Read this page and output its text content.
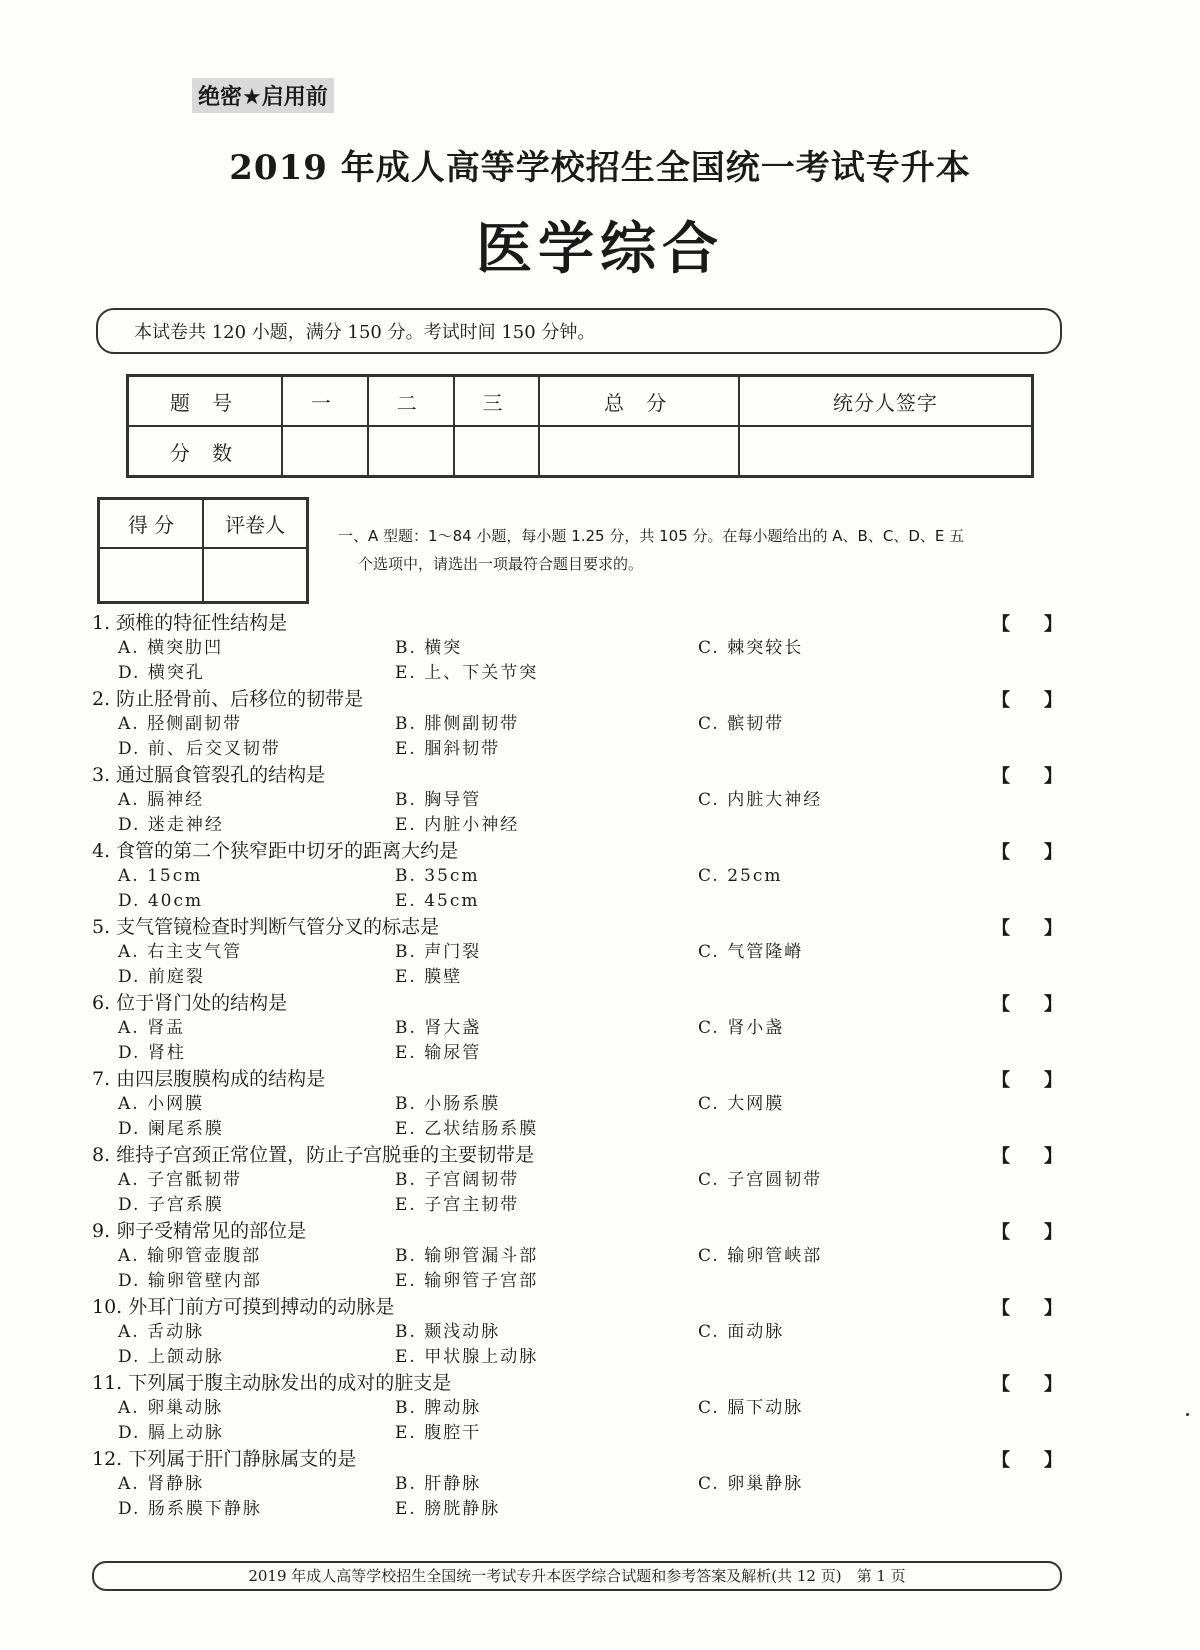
绝密★启用前
2019 年成人高等学校招生全国统一考试专升本
医学综合
本试卷共 120 小题，满分 150 分。考试时间 150 分钟。
题 号	一	二	三	总 分	统分人签字
分 数					
得 分	评卷人
		一、A 型题：1～84 小题，每小题 1.25 分，共 105 分。在每小题给出的 A、B、C、D、E 五
个选项中，请选出一项最符合题目要求的。
1. 颈椎的特征性结构是	【 】
A. 横突肋凹	B. 横突	C. 棘突较长
D. 横突孔	E. 上、下关节突
2. 防止胫骨前、后移位的韧带是	【 】
A. 胫侧副韧带	B. 腓侧副韧带	C. 髌韧带
D. 前、后交叉韧带	E. 腘斜韧带
3. 通过膈食管裂孔的结构是	【 】
A. 膈神经	B. 胸导管	C. 内脏大神经
D. 迷走神经	E. 内脏小神经
4. 食管的第二个狭窄距中切牙的距离大约是	【 】
A. 15cm	B. 35cm	C. 25cm
D. 40cm	E. 45cm
5. 支气管镜检查时判断气管分叉的标志是	【 】
A. 右主支气管	B. 声门裂	C. 气管隆嵴
D. 前庭裂	E. 膜壁
6. 位于肾门处的结构是	【 】
A. 肾盂	B. 肾大盏	C. 肾小盏
D. 肾柱	E. 输尿管
7. 由四层腹膜构成的结构是	【 】
A. 小网膜	B. 小肠系膜	C. 大网膜
D. 阑尾系膜	E. 乙状结肠系膜
8. 维持子宫颈正常位置，防止子宫脱垂的主要韧带是	【 】
A. 子宫骶韧带	B. 子宫阔韧带	C. 子宫圆韧带
D. 子宫系膜	E. 子宫主韧带
9. 卵子受精常见的部位是	【 】
A. 输卵管壶腹部	B. 输卵管漏斗部	C. 输卵管峡部
D. 输卵管壁内部	E. 输卵管子宫部
10. 外耳门前方可摸到搏动的动脉是	【 】
A. 舌动脉	B. 颞浅动脉	C. 面动脉
D. 上颌动脉	E. 甲状腺上动脉
11. 下列属于腹主动脉发出的成对的脏支是	【 】
A. 卵巢动脉	B. 脾动脉	C. 膈下动脉
D. 膈上动脉	E. 腹腔干
12. 下列属于肝门静脉属支的是	【 】
A. 肾静脉	B. 肝静脉	C. 卵巢静脉
D. 肠系膜下静脉	E. 膀胱静脉
2019 年成人高等学校招生全国统一考试专升本医学综合试题和参考答案及解析(共 12 页)　第 1 页
